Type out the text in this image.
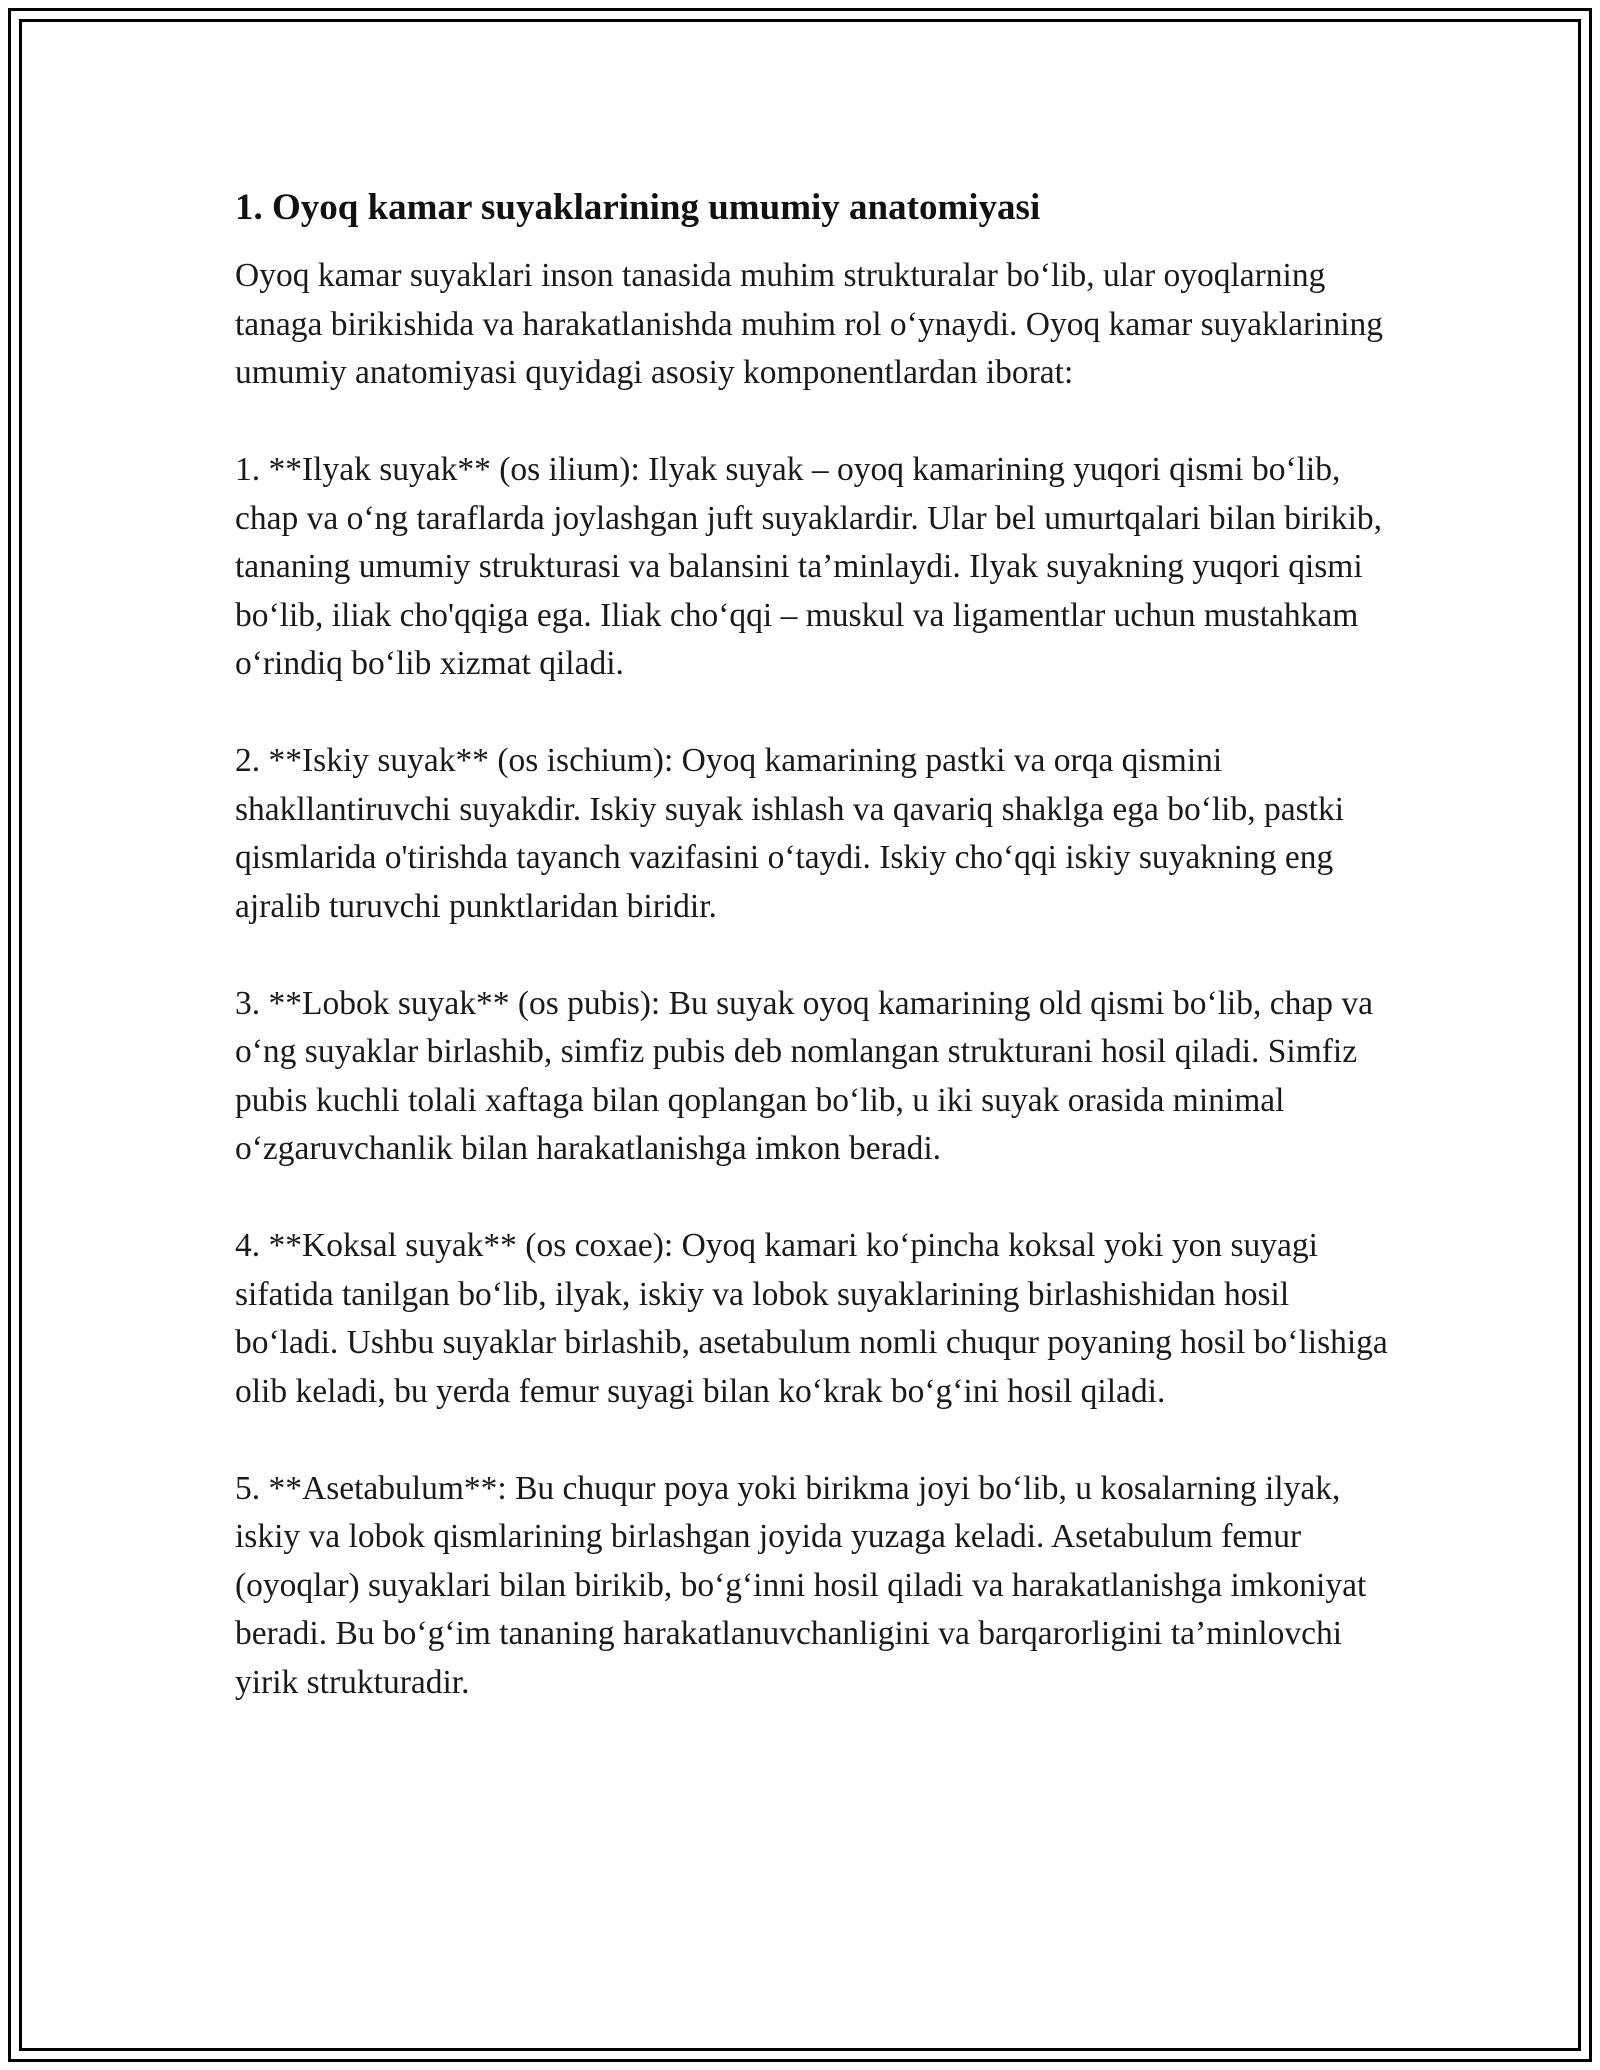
1. Oyoq kamar suyaklarining umumiy anatomiyasi

Oyoq kamar suyaklari inson tanasida muhim strukturalar bo‘lib, ular oyoqlarning tanaga birikishida va harakatlanishda muhim rol o‘ynaydi. Oyoq kamar suyaklarining umumiy anatomiyasi quyidagi asosiy komponentlardan iborat:

1. **Ilyak suyak** (os ilium): Ilyak suyak – oyoq kamarining yuqori qismi bo‘lib, chap va o‘ng taraflarda joylashgan juft suyaklardir. Ular bel umurtqalari bilan birikib, tananing umumiy strukturasi va balansini ta’minlaydi. Ilyak suyakning yuqori qismi bo‘lib, iliak cho'qqiga ega. Iliak cho‘qqi – muskul va ligamentlar uchun mustahkam o‘rindiq bo‘lib xizmat qiladi.

2. **Iskiy suyak** (os ischium): Oyoq kamarining pastki va orqa qismini shakllantiruvchi suyakdir. Iskiy suyak ishlash va qavariq shaklga ega bo‘lib, pastki qismlarida o'tirishda tayanch vazifasini o‘taydi. Iskiy cho‘qqi iskiy suyakning eng ajralib turuvchi punktlaridan biridir.

3. **Lobok suyak** (os pubis): Bu suyak oyoq kamarining old qismi bo‘lib, chap va o‘ng suyaklar birlashib, simfiz pubis deb nomlangan strukturani hosil qiladi. Simfiz pubis kuchli tolali xaftaga bilan qoplangan bo‘lib, u iki suyak orasida minimal o‘zgaruvchanlik bilan harakatlanishga imkon beradi.

4. **Koksal suyak** (os coxae): Oyoq kamari ko‘pincha koksal yoki yon suyagi sifatida tanilgan bo‘lib, ilyak, iskiy va lobok suyaklarining birlashishidan hosil bo‘ladi. Ushbu suyaklar birlashib, asetabulum nomli chuqur poyaning hosil bo‘lishiga olib keladi, bu yerda femur suyagi bilan ko‘krak bo‘g‘ini hosil qiladi.

5. **Asetabulum**: Bu chuqur poya yoki birikma joyi bo‘lib, u kosalarning ilyak, iskiy va lobok qismlarining birlashgan joyida yuzaga keladi. Asetabulum femur (oyoqlar) suyaklari bilan birikib, bo‘g‘inni hosil qiladi va harakatlanishga imkoniyat beradi. Bu bo‘g‘im tananing harakatlanuvchanligini va barqarorligini ta’minlovchi yirik strukturadir.
